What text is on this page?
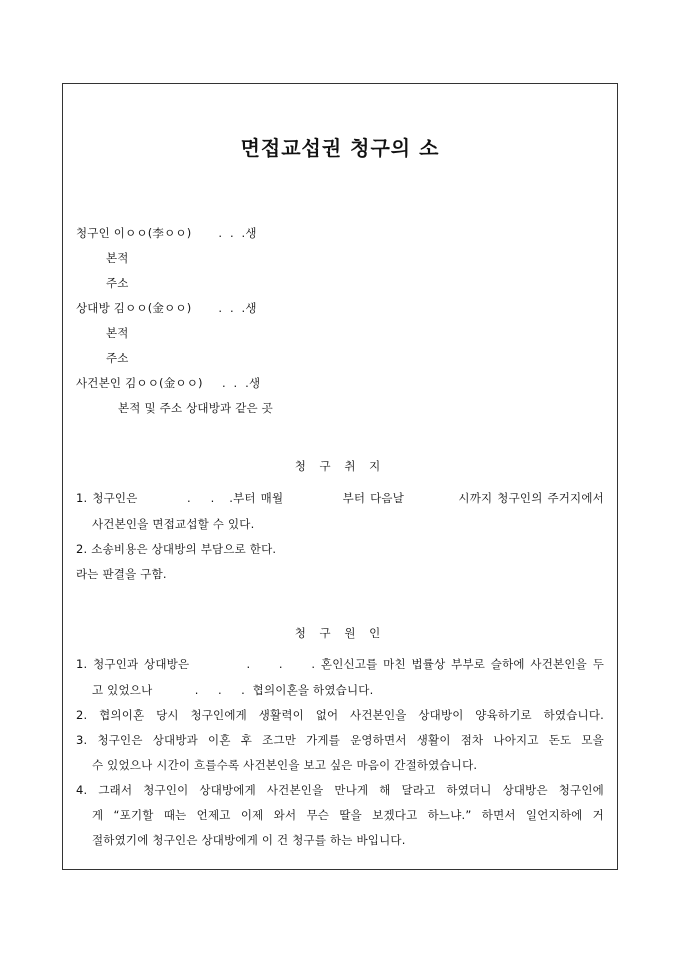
면접교섭권 청구의 소
청구인 이ㅇㅇ(李ㅇㅇ)       .  .  .생
본적
주소
상대방 김ㅇㅇ(金ㅇㅇ)       .  .  .생
본적
주소
사건본인 김ㅇㅇ(金ㅇㅇ)     .  .  .생
본적 및 주소 상대방과 같은 곳
청 구 취 지
1. 청구인은          .    .   .부터 매월            부터 다음날           시까지 청구인의 주거지에서
사건본인을 면접교섭할 수 있다.
2. 소송비용은 상대방의 부담으로 한다.
라는 판결을 구함.
청 구 원 인
1. 청구인과 상대방은          .     .     . 혼인신고를 마친 법률상 부부로 슬하에 사건본인을 두
고 있었으나           .     .     .  협의이혼을 하였습니다.
2. 협의이혼 당시 청구인에게 생활력이 없어 사건본인을 상대방이 양육하기로 하였습니다.
3. 청구인은 상대방과 이혼 후 조그만 가게를 운영하면서 생활이 점차 나아지고 돈도 모을
수 있었으나 시간이 흐를수록 사건본인을 보고 싶은 마음이 간절하였습니다.
4. 그래서 청구인이 상대방에게 사건본인을 만나게 해 달라고 하였더니 상대방은 청구인에
게 “포기할 때는 언제고 이제 와서 무슨 딸을 보겠다고 하느냐.” 하면서 일언지하에 거
절하였기에 청구인은 상대방에게 이 건 청구를 하는 바입니다.
